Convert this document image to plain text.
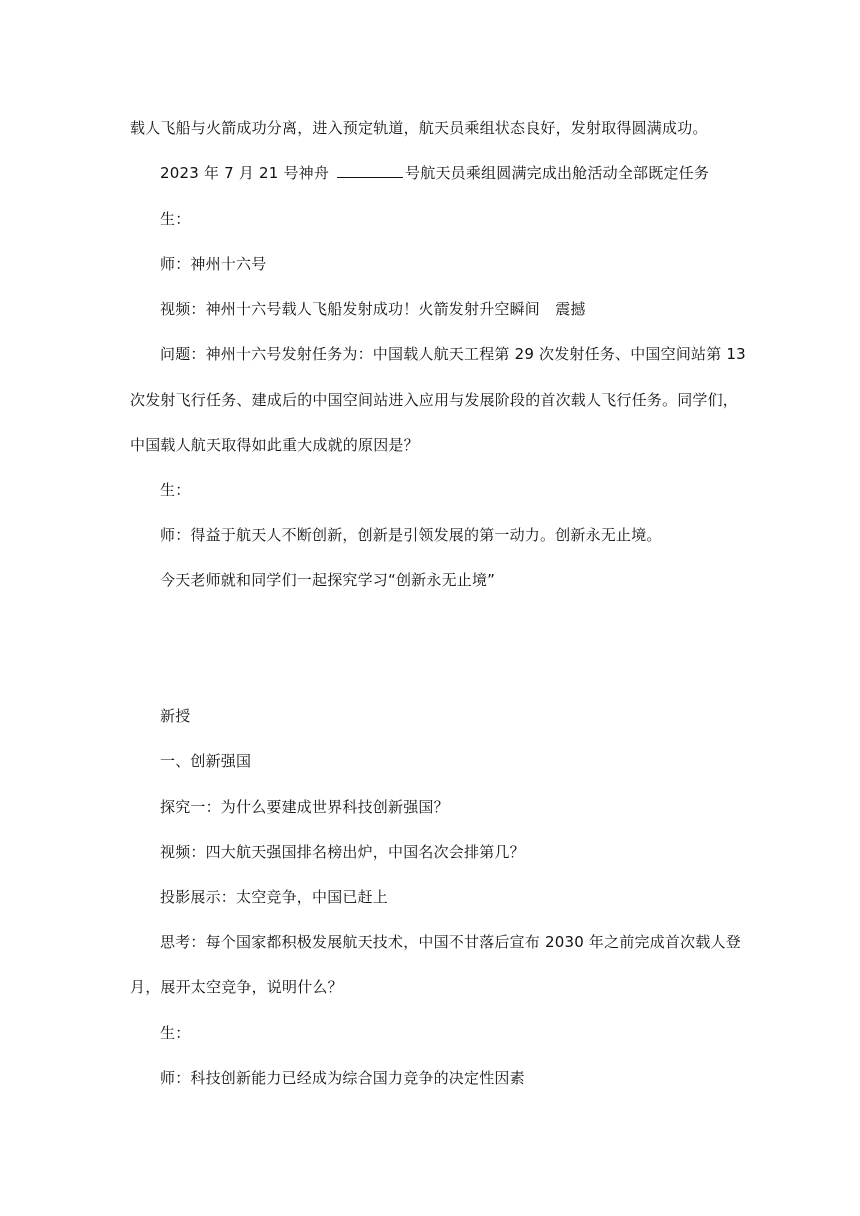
载人飞船与火箭成功分离，进入预定轨道，航天员乘组状态良好，发射取得圆满成功。
2023 年 7 月 21 号神舟	号航天员乘组圆满完成出舱活动全部既定任务
生：
师：神州十六号
视频：神州十六号载人飞船发射成功！火箭发射升空瞬间　震撼
问题：神州十六号发射任务为：中国载人航天工程第 29 次发射任务、中国空间站第 13
次发射飞行任务、建成后的中国空间站进入应用与发展阶段的首次载人飞行任务。同学们，
中国载人航天取得如此重大成就的原因是？
生：
师：得益于航天人不断创新，创新是引领发展的第一动力。创新永无止境。
今天老师就和同学们一起探究学习“创新永无止境”
新授
一、创新强国
探究一：为什么要建成世界科技创新强国？
视频：四大航天强国排名榜出炉，中国名次会排第几？
投影展示：太空竞争，中国已赶上
思考：每个国家都积极发展航天技术，中国不甘落后宣布 2030 年之前完成首次载人登
月，展开太空竞争，说明什么？
生：
师：科技创新能力已经成为综合国力竞争的决定性因素
